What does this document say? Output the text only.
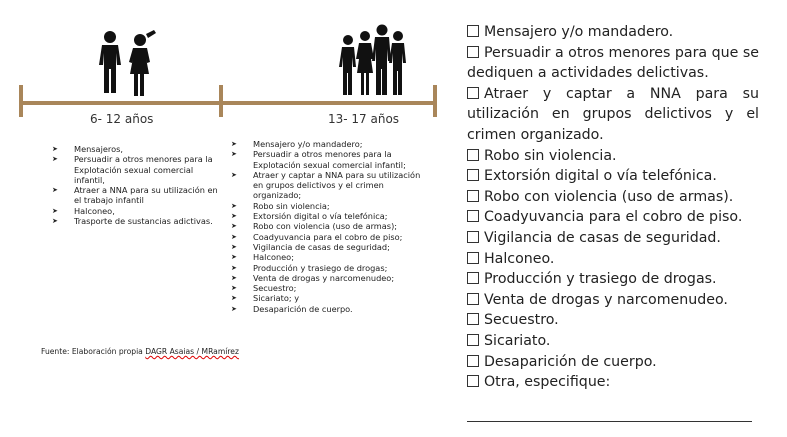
6- 12 años	13- 17 años
➤ Mensajeros,
➤ Persuadir a otros menores para la Explotación sexual comercial infantil,
➤ Atraer a NNA para su utilización en el trabajo infantil
➤ Halconeo,
➤ Trasporte de sustancias adictivas.
➤ Mensajero y/o mandadero;
➤ Persuadir a otros menores para la Explotación sexual comercial infantil;
➤ Atraer y captar a NNA para su utilización en grupos delictivos y el crimen organizado;
➤ Robo sin violencia;
➤ Extorsión digital o vía telefónica;
➤ Robo con violencia (uso de armas);
➤ Coadyuvancia para el cobro de piso;
➤ Vigilancia de casas de seguridad;
➤ Halconeo;
➤ Producción y trasiego de drogas;
➤ Venta de drogas y narcomenudeo;
➤ Secuestro;
➤ Sicariato; y
➤ Desaparición de cuerpo.
Fuente: Elaboración propia DAGR Asaias / MRamírez
Mensajero y/o mandadero.
Persuadir a otros menores para que se dediquen a actividades delictivas.
Atraer y captar a NNA para su utilización en grupos delictivos y el crimen organizado.
Robo sin violencia.
Extorsión digital o vía telefónica.
Robo con violencia (uso de armas).
Coadyuvancia para el cobro de piso.
Vigilancia de casas de seguridad.
Halconeo.
Producción y trasiego de drogas.
Venta de drogas y narcomenudeo.
Secuestro.
Sicariato.
Desaparición de cuerpo.
Otra, especifique:
